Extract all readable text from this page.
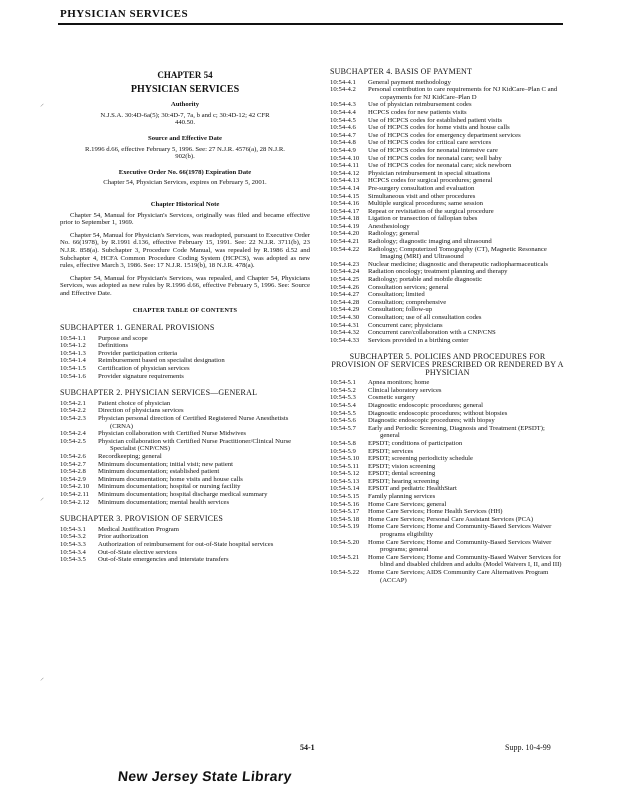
PHYSICIAN SERVICES
CHAPTER 54
PHYSICIAN SERVICES
Authority
N.J.S.A. 30:4D-6a(5); 30:4D-7, 7a, b and c; 30:4D-12; 42 CFR 440.50.
Source and Effective Date
R.1996 d.66, effective February 5, 1996. See: 27 N.J.R. 4576(a), 28 N.J.R. 902(b).
Executive Order No. 66(1978) Expiration Date
Chapter 54, Physician Services, expires on February 5, 2001.
Chapter Historical Note
Chapter 54, Manual for Physician's Services, originally was filed and became effective prior to September 1, 1969.
Chapter 54, Manual for Physician's Services, was readopted, pursuant to Executive Order No. 66(1978), by R.1991 d.136, effective February 15, 1991. See: 22 N.J.R. 3711(b), 23 N.J.R. 858(a). Subchapter 3, Procedure Code Manual, was repealed by R.1986 d.52 and Subchapter 4, HCFA Common Procedure Coding System (HCPCS), was adopted as new rules, effective March 3, 1986. See: 17 N.J.R. 1519(b), 18 N.J.R. 478(a).
Chapter 54, Manual for Physician's Services, was repealed, and Chapter 54, Physicians Services, was adopted as new rules by R.1996 d.66, effective February 5, 1996. See: Source and Effective Date.
CHAPTER TABLE OF CONTENTS
SUBCHAPTER 1. GENERAL PROVISIONS
10:54-1.1	Purpose and scope
10:54-1.2	Definitions
10:54-1.3	Provider participation criteria
10:54-1.4	Reimbursement based on specialist designation
10:54-1.5	Certification of physician services
10:54-1.6	Provider signature requirements
SUBCHAPTER 2. PHYSICIAN SERVICES—GENERAL
10:54-2.1	Patient choice of physician
10:54-2.2	Direction of physicians services
10:54-2.3	Physician personal direction of Certified Registered Nurse Anesthetists (CRNA)
10:54-2.4	Physician collaboration with Certified Nurse Midwives
10:54-2.5	Physician collaboration with Certified Nurse Practitioner/Clinical Nurse Specialist (CNP/CNS)
10:54-2.6	Recordkeeping; general
10:54-2.7	Minimum documentation; initial visit; new patient
10:54-2.8	Minimum documentation; established patient
10:54-2.9	Minimum documentation; home visits and house calls
10:54-2.10	Minimum documentation; hospital or nursing facility
10:54-2.11	Minimum documentation; hospital discharge medical summary
10:54-2.12	Minimum documentation; mental health services
SUBCHAPTER 3. PROVISION OF SERVICES
10:54-3.1	Medical Justification Program
10:54-3.2	Prior authorization
10:54-3.3	Authorization of reimbursement for out-of-State hospital services
10:54-3.4	Out-of-State elective services
10:54-3.5	Out-of-State emergencies and interstate transfers
SUBCHAPTER 4. BASIS OF PAYMENT
10:54-4.1	General payment methodology
10:54-4.2	Personal contribution to care requirements for NJ KidCare–Plan C and copayments for NJ KidCare–Plan D
10:54-4.3	Use of physician reimbursement codes
10:54-4.4	HCPCS codes for new patients visits
10:54-4.5	Use of HCPCS codes for established patient visits
10:54-4.6	Use of HCPCS codes for home visits and house calls
10:54-4.7	Use of HCPCS codes for emergency department services
10:54-4.8	Use of HCPCS codes for critical care services
10:54-4.9	Use of HCPCS codes for neonatal intensive care
10:54-4.10	Use of HCPCS codes for neonatal care; well baby
10:54-4.11	Use of HCPCS codes for neonatal care; sick newborn
10:54-4.12	Physician reimbursement in special situations
10:54-4.13	HCPCS codes for surgical procedures; general
10:54-4.14	Pre-surgery consultation and evaluation
10:54-4.15	Simultaneous visit and other procedures
10:54-4.16	Multiple surgical procedures; same session
10:54-4.17	Repeat or revisitation of the surgical procedure
10:54-4.18	Ligation or transection of fallopian tubes
10:54-4.19	Anesthesiology
10:54-4.20	Radiology; general
10:54-4.21	Radiology; diagnostic imaging and ultrasound
10:54-4.22	Radiology; Computerized Tomography (CT), Magnetic Resonance Imaging (MRI) and Ultrasound
10:54-4.23	Nuclear medicine; diagnostic and therapeutic radiopharmaceuticals
10:54-4.24	Radiation oncology; treatment planning and therapy
10:54-4.25	Radiology; portable and mobile diagnostic
10:54-4.26	Consultation services; general
10:54-4.27	Consultation; limited
10:54-4.28	Consultation; comprehensive
10:54-4.29	Consultation; follow-up
10:54-4.30	Consultation; use of all consultation codes
10:54-4.31	Concurrent care; physicians
10:54-4.32	Concurrent care/collaboration with a CNP/CNS
10:54-4.33	Services provided in a birthing center
SUBCHAPTER 5. POLICIES AND PROCEDURES FOR PROVISION OF SERVICES PRESCRIBED OR RENDERED BY A PHYSICIAN
10:54-5.1	Apnea monitors; home
10:54-5.2	Clinical laboratory services
10:54-5.3	Cosmetic surgery
10:54-5.4	Diagnostic endoscopic procedures; general
10:54-5.5	Diagnostic endoscopic procedures; without biopsies
10:54-5.6	Diagnostic endoscopic procedures; with biopsy
10:54-5.7	Early and Periodic Screening, Diagnosis and Treatment (EPSDT); general
10:54-5.8	EPSDT; conditions of participation
10:54-5.9	EPSDT; services
10:54-5.10	EPSDT; screening periodicity schedule
10:54-5.11	EPSDT; vision screening
10:54-5.12	EPSDT; dental screening
10:54-5.13	EPSDT; hearing screening
10:54-5.14	EPSDT and pediatric HealthStart
10:54-5.15	Family planning services
10:54-5.16	Home Care Services; general
10:54-5.17	Home Care Services; Home Health Services (HH)
10:54-5.18	Home Care Services; Personal Care Assistant Services (PCA)
10:54-5.19	Home Care Services; Home and Community-Based Services Waiver programs eligibility
10:54-5.20	Home Care Services; Home and Community-Based Services Waiver programs; general
10:54-5.21	Home Care Services; Home and Community-Based Waiver Services for blind and disabled children and adults (Model Waivers I, II, and III)
10:54-5.22	Home Care Services; AIDS Community Care Alternatives Program (ACCAP)
54-1	Supp. 10-4-99
New Jersey State Library
⸝
⸝
⸝
